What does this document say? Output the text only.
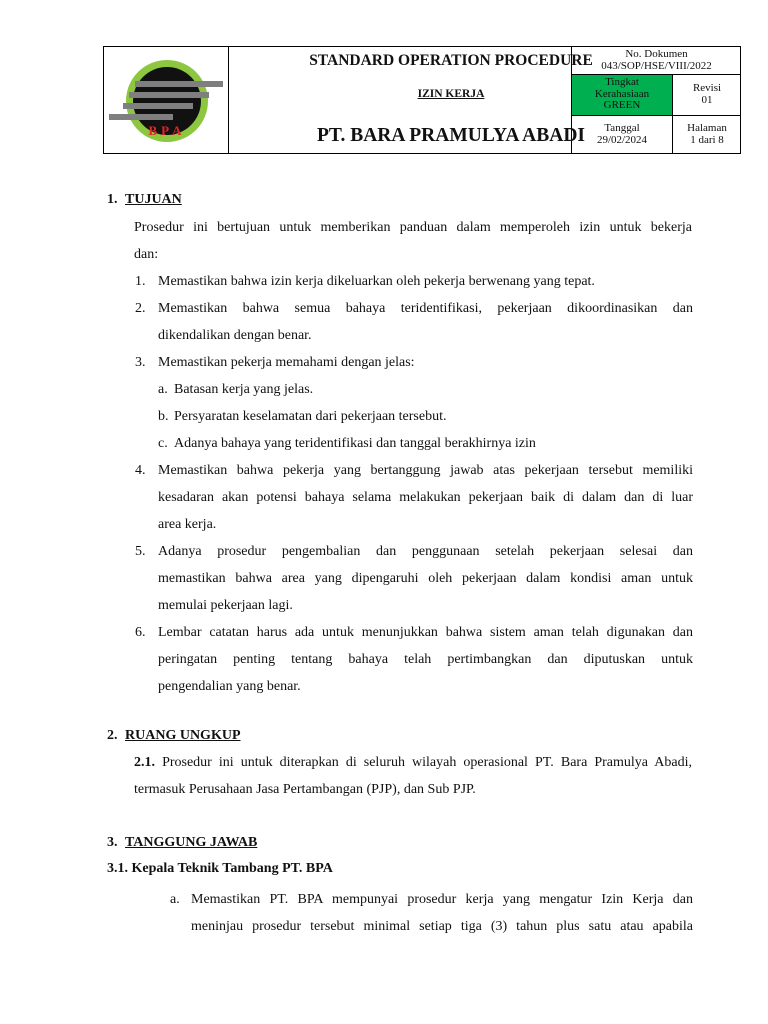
BPA
STANDARD OPERATION PROCEDURE
IZIN KERJA
PT. BARA PRAMULYA ABADI
No. Dokumen
043/SOP/HSE/VIII/2022
Tingkat
Kerahasiaan
GREEN
Revisi
01
Tanggal
29/02/2024
Halaman
1 dari 8
1. TUJUAN
Prosedur ini bertujuan untuk memberikan panduan dalam memperoleh izin untuk bekerja
dan:
1. Memastikan bahwa izin kerja dikeluarkan oleh pekerja berwenang yang tepat.
2. Memastikan bahwa semua bahaya teridentifikasi, pekerjaan dikoordinasikan dan
dikendalikan dengan benar.
3. Memastikan pekerja memahami dengan jelas:
a. Batasan kerja yang jelas.
b. Persyaratan keselamatan dari pekerjaan tersebut.
c. Adanya bahaya yang teridentifikasi dan tanggal berakhirnya izin
4. Memastikan bahwa pekerja yang bertanggung jawab atas pekerjaan tersebut memiliki
kesadaran akan potensi bahaya selama melakukan pekerjaan baik di dalam dan di luar
area kerja.
5. Adanya prosedur pengembalian dan penggunaan setelah pekerjaan selesai dan
memastikan bahwa area yang dipengaruhi oleh pekerjaan dalam kondisi aman untuk
memulai pekerjaan lagi.
6. Lembar catatan harus ada untuk menunjukkan bahwa sistem aman telah digunakan dan
peringatan penting tentang bahaya telah pertimbangkan dan diputuskan untuk
pengendalian yang benar.
2. RUANG UNGKUP
2.1. Prosedur ini untuk diterapkan di seluruh wilayah operasional PT. Bara Pramulya Abadi,
termasuk Perusahaan Jasa Pertambangan (PJP), dan Sub PJP.
3. TANGGUNG JAWAB
3.1. Kepala Teknik Tambang PT. BPA
a. Memastikan PT. BPA mempunyai prosedur kerja yang mengatur Izin Kerja dan
meninjau prosedur tersebut minimal setiap tiga (3) tahun plus satu atau apabila
